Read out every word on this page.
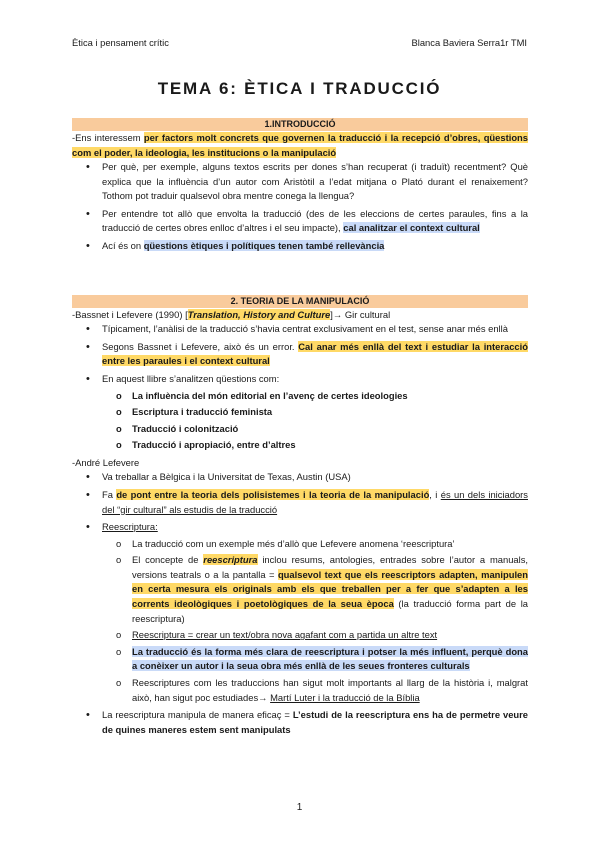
Ètica i pensament crític	Blanca Baviera Serra1r TMI
TEMA 6: ÈTICA I TRADUCCIÓ
1.INTRODUCCIÓ

-Ens interessem per factors molt concrets que governen la traducció i la recepció d’obres, qüestions com el poder, la ideologia, les institucions o la manipulació

• Per què, per exemple, alguns textos escrits per dones s’han recuperat (i traduït) recentment? Què explica que la influència d’un autor com Aristòtil a l’edat mitjana o Plató durant el renaixement? Tothom pot traduir qualsevol obra mentre conega la llengua?
• Per entendre tot allò que envolta la traducció (des de les eleccions de certes paraules, fins a la traducció de certes obres enlloc d’altres i el seu impacte), cal analitzar el context cultural
• Ací és on qüestions ètiques i polítiques tenen també rellevància
2. TEORIA DE LA MANIPULACIÓ

-Bassnet i Lefevere (1990) [Translation, History and Culture]→ Gir cultural

• Típicament, l’anàlisi de la traducció s’havia centrat exclusivament en el test, sense anar més enllà
• Segons Bassnet i Lefevere, això és un error. Cal anar més enllà del text i estudiar la interacció entre les paraules i el context cultural
• En aquest llibre s’analitzen qüestions com:
o La influència del món editorial en l’avenç de certes ideologies
o Escriptura i traducció feminista
o Traducció i colonització
o Traducció i apropiació, entre d’altres

-André Lefevere

• Va treballar a Bèlgica i la Universitat de Texas, Austin (USA)
• Fa de pont entre la teoria dels polisistemes i la teoria de la manipulació, i és un dels iniciadors del “gir cultural” als estudis de la traducció
• Reescriptura:
o La traducció com un exemple més d’allò que Lefevere anomena ‘reescriptura’
o El concepte de reescriptura inclou resums, antologies, entrades sobre l’autor a manuals, versions teatrals o a la pantalla = qualsevol text que els reescriptors adapten, manipulen en certa mesura els originals amb els que treballen per a fer que s’adapten a les corrents ideològiques i poetològiques de la seua època (la traducció forma part de la reescriptura)
o Reescriptura = crear un text/obra nova agafant com a partida un altre text
o La traducció és la forma més clara de reescriptura i potser la més influent, perquè dona a conèixer un autor i la seua obra més enllà de les seues fronteres culturals
o Reescriptures com les traduccions han sigut molt importants al llarg de la història i, malgrat això, han sigut poc estudiades→ Martí Luter i la traducció de la Bíblia
• La reescriptura manipula de manera eficaç = L’estudi de la reescriptura ens ha de permetre veure de quines maneres estem sent manipulats
1
